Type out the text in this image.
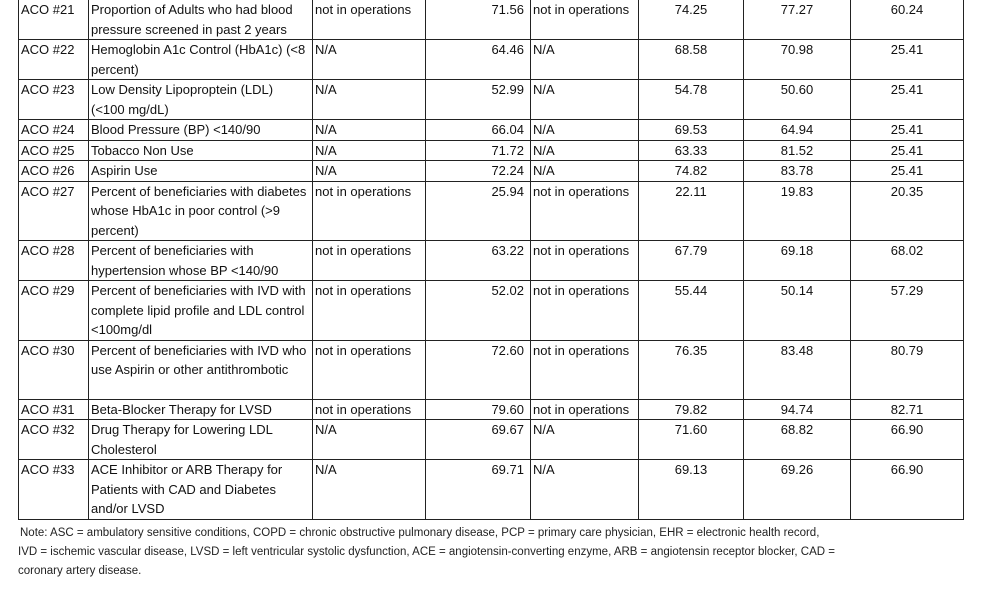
ACO #21	Proportion of Adults who had blood pressure screened in past 2 years	not in operations	71.56	not in operations	74.25	77.27	60.24
ACO #22	Hemoglobin A1c Control (HbA1c) (<8 percent)	N/A	64.46	N/A	68.58	70.98	25.41
ACO #23	Low Density Lipoproptein (LDL) (<100 mg/dL)	N/A	52.99	N/A	54.78	50.60	25.41
ACO #24	Blood Pressure (BP) <140/90	N/A	66.04	N/A	69.53	64.94	25.41
ACO #25	Tobacco Non Use	N/A	71.72	N/A	63.33	81.52	25.41
ACO #26	Aspirin Use	N/A	72.24	N/A	74.82	83.78	25.41
ACO #27	Percent of beneficiaries with diabetes whose HbA1c in poor control (>9 percent)	not in operations	25.94	not in operations	22.11	19.83	20.35
ACO #28	Percent of beneficiaries with hypertension whose BP <140/90	not in operations	63.22	not in operations	67.79	69.18	68.02
ACO #29	Percent of beneficiaries with IVD with complete lipid profile and LDL control <100mg/dl	not in operations	52.02	not in operations	55.44	50.14	57.29
ACO #30	Percent of beneficiaries with IVD who use Aspirin or other antithrombotic	not in operations	72.60	not in operations	76.35	83.48	80.79
ACO #31	Beta-Blocker Therapy for LVSD	not in operations	79.60	not in operations	79.82	94.74	82.71
ACO #32	Drug Therapy for Lowering LDL Cholesterol	N/A	69.67	N/A	71.60	68.82	66.90
ACO #33	ACE Inhibitor or ARB Therapy for Patients with CAD and Diabetes and/or LVSD	N/A	69.71	N/A	69.13	69.26	66.90
Note: ASC = ambulatory sensitive conditions, COPD = chronic obstructive pulmonary disease, PCP = primary care physician, EHR = electronic health record,
IVD = ischemic vascular disease, LVSD = left ventricular systolic dysfunction, ACE = angiotensin-converting enzyme, ARB = angiotensin receptor blocker, CAD =
coronary artery disease.
